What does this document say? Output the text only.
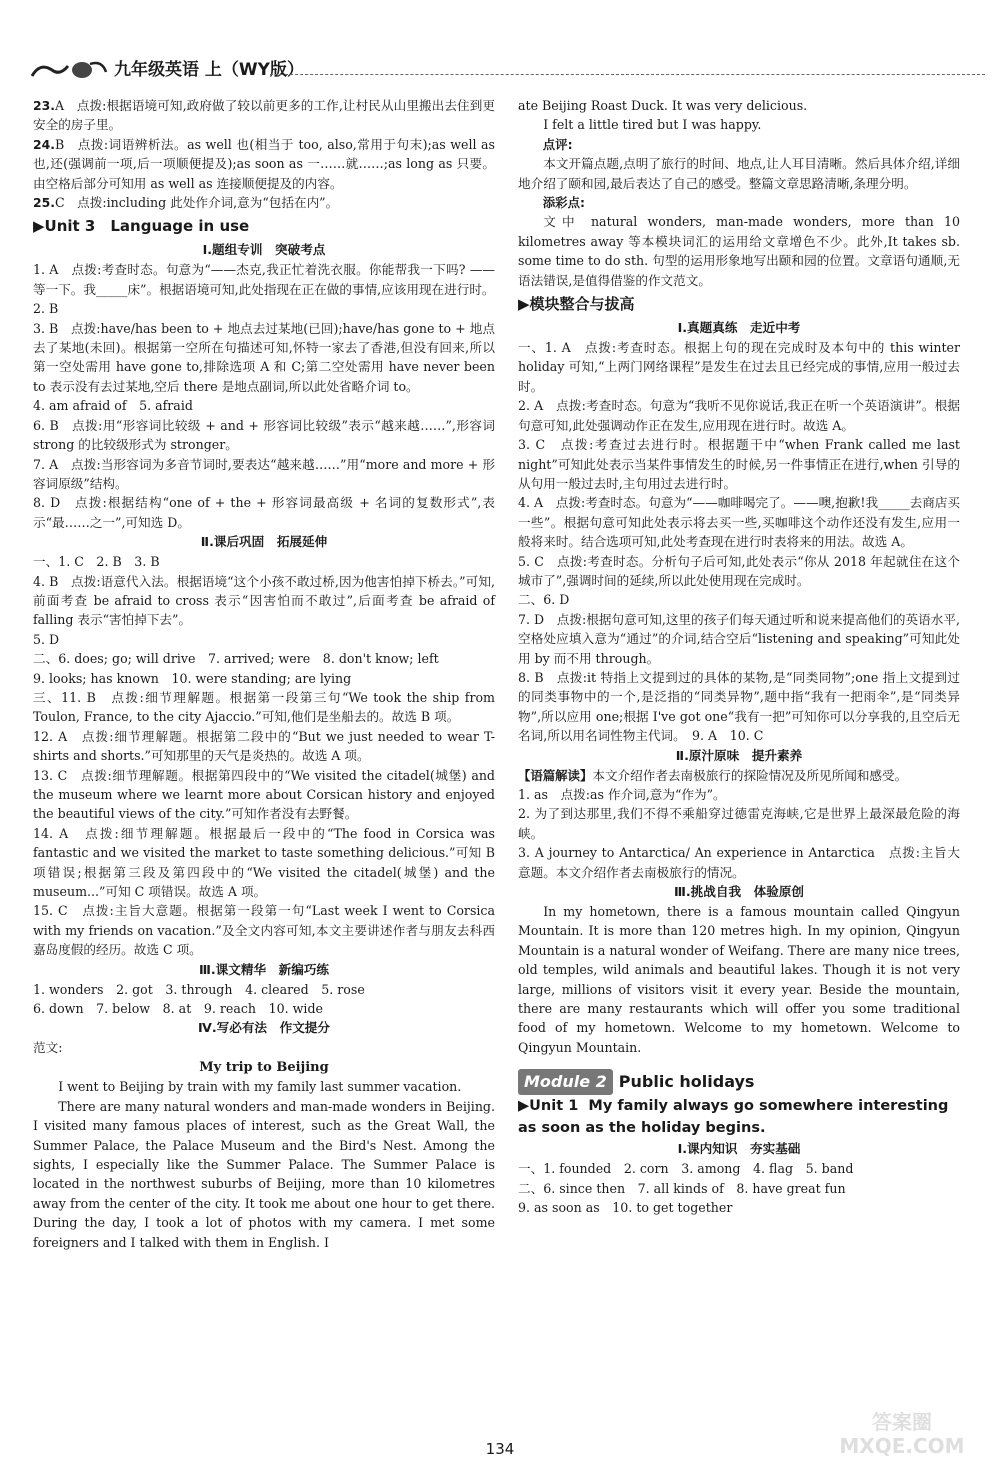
九年级英语 上（WY版）

23.A　点拨:根据语境可知,政府做了较以前更多的工作,让村民从山里搬出去住到更安全的房子里。

24.B　点拨:词语辨析法。as well 也(相当于 too, also,常用于句末);as well as 也,还(强调前一项,后一项顺便提及);as soon as 一……就……;as long as 只要。由空格后部分可知用 as well as 连接顺便提及的内容。

25.C　点拨:including 此处作介词,意为“包括在内”。

▶Unit 3　Language in use
Ⅰ.题组专训　突破考点

1. A　点拨:考查时态。句意为“——杰克,我正忙着洗衣服。你能帮我一下吗? ——等一下。我_____床”。根据语境可知,此处指现在正在做的事情,应该用现在进行时。

2. B

3. B　点拨:have/has been to + 地点去过某地(已回);have/has gone to + 地点去了某地(未回)。根据第一空所在句描述可知,怀特一家去了香港,但没有回来,所以第一空处需用 have gone to,排除选项 A 和 C;第二空处需用 have never been to 表示没有去过某地,空后 there 是地点副词,所以此处省略介词 to。

4. am afraid of　5. afraid

6. B　点拨:用“形容词比较级 + and + 形容词比较级”表示“越来越……”,形容词 strong 的比较级形式为 stronger。

7. A　点拨:当形容词为多音节词时,要表达“越来越……”用“more and more + 形容词原级”结构。

8. D　点拨:根据结构“one of + the + 形容词最高级 + 名词的复数形式”,表示“最……之一”,可知选 D。

Ⅱ.课后巩固　拓展延伸

一、1. C　2. B　3. B

4. B　点拨:语意代入法。根据语境“这个小孩不敢过桥,因为他害怕掉下桥去。”可知,前面考查 be afraid to cross 表示“因害怕而不敢过”,后面考查 be afraid of falling 表示“害怕掉下去”。

5. D

二、6. does; go; will drive　7. arrived; were　8. don't know; left

9. looks; has known　10. were standing; are lying

三、11. B　点拨:细节理解题。根据第一段第三句“We took the ship from Toulon, France, to the city Ajaccio.”可知,他们是坐船去的。故选 B 项。

12. A　点拨:细节理解题。根据第二段中的“But we just needed to wear T-shirts and shorts.”可知那里的天气是炎热的。故选 A 项。

13. C　点拨:细节理解题。根据第四段中的“We visited the citadel(城堡) and the museum where we learnt more about Corsican history and enjoyed the beautiful views of the city.”可知作者没有去野餐。

14. A　点拨:细节理解题。根据最后一段中的“The food in Corsica was fantastic and we visited the market to taste something delicious.”可知 B 项错误;根据第三段及第四段中的“We visited the citadel(城堡) and the museum...”可知 C 项错误。故选 A 项。

15. C　点拨:主旨大意题。根据第一段第一句“Last week I went to Corsica with my friends on vacation.”及全文内容可知,本文主要讲述作者与朋友去科西嘉岛度假的经历。故选 C 项。

Ⅲ.课文精华　新编巧练

1. wonders　2. got　3. through　4. cleared　5. rose

6. down　7. below　8. at　9. reach　10. wide

Ⅳ.写必有法　作文提分

范文:

My trip to Beijing

I went to Beijing by train with my family last summer vacation.

There are many natural wonders and man-made wonders in Beijing. I visited many famous places of interest, such as the Great Wall, the Summer Palace, the Palace Museum and the Bird's Nest. Among the sights, I especially like the Summer Palace. The Summer Palace is located in the northwest suburbs of Beijing, more than 10 kilometres away from the center of the city. It took me about one hour to get there. During the day, I took a lot of photos with my camera. I met some foreigners and I talked with them in English. I

ate Beijing Roast Duck. It was very delicious.

I felt a little tired but I was happy.

点评:

本文开篇点题,点明了旅行的时间、地点,让人耳目清晰。然后具体介绍,详细地介绍了颐和园,最后表达了自己的感受。整篇文章思路清晰,条理分明。

添彩点:

文中 natural wonders, man-made wonders, more than 10 kilometres away 等本模块词汇的运用给文章增色不少。此外,It takes sb. some time to do sth. 句型的运用形象地写出颐和园的位置。文章语句通顺,无语法错误,是值得借鉴的作文范文。

▶模块整合与拔高
Ⅰ.真题真练　走近中考

一、1. A　点拨:考查时态。根据上句的现在完成时及本句中的 this winter holiday 可知,“上两门网络课程”是发生在过去且已经完成的事情,应用一般过去时。

2. A　点拨:考查时态。句意为“我听不见你说话,我正在听一个英语演讲”。根据句意可知,此处强调动作正在发生,应用现在进行时。故选 A。

3. C　点拨:考查过去进行时。根据题干中“when Frank called me last night”可知此处表示当某件事情发生的时候,另一件事情正在进行,when 引导的从句用一般过去时,主句用过去进行时。

4. A　点拨:考查时态。句意为“——咖啡喝完了。——噢,抱歉!我_____去商店买一些”。根据句意可知此处表示将去买一些,买咖啡这个动作还没有发生,应用一般将来时。结合选项可知,此处考查现在进行时表将来的用法。故选 A。

5. C　点拨:考查时态。分析句子后可知,此处表示“你从 2018 年起就住在这个城市了”,强调时间的延续,所以此处使用现在完成时。

二、6. D

7. D　点拨:根据句意可知,这里的孩子们每天通过听和说来提高他们的英语水平,空格处应填入意为“通过”的介词,结合空后“listening and speaking”可知此处用 by 而不用 through。

8. B　点拨:it 特指上文提到过的具体的某物,是“同类同物”;one 指上文提到过的同类事物中的一个,是泛指的“同类异物”,题中指“我有一把雨伞”,是“同类异物”,所以应用 one;根据 I've got one“我有一把”可知你可以分享我的,且空后无名词,所以用名词性物主代词。　9. A　10. C

Ⅱ.原汁原味　提升素养

【语篇解读】本文介绍作者去南极旅行的探险情况及所见所闻和感受。

1. as　点拨:as 作介词,意为“作为”。

2. 为了到达那里,我们不得不乘船穿过德雷克海峡,它是世界上最深最危险的海峡。

3. A journey to Antarctica/ An experience in Antarctica　点拨:主旨大意题。本文介绍作者去南极旅行的情况。

Ⅲ.挑战自我　体验原创

In my hometown, there is a famous mountain called Qingyun Mountain. It is more than 120 metres high. In my opinion, Qingyun Mountain is a natural wonder of Weifang. There are many nice trees, old temples, wild animals and beautiful lakes. Though it is not very large, millions of visitors visit it every year. Beside the mountain, there are many restaurants which will offer you some traditional food of my hometown. Welcome to my hometown. Welcome to Qingyun Mountain.

Module 2 Public holidays
▶Unit 1 My family always go somewhere interesting as soon as the holiday begins.
Ⅰ.课内知识　夯实基础

一、1. founded　2. corn　3. among　4. flag　5. band

二、6. since then　7. all kinds of　8. have great fun

9. as soon as　10. to get together

134
答案圈
MXQE.COM
